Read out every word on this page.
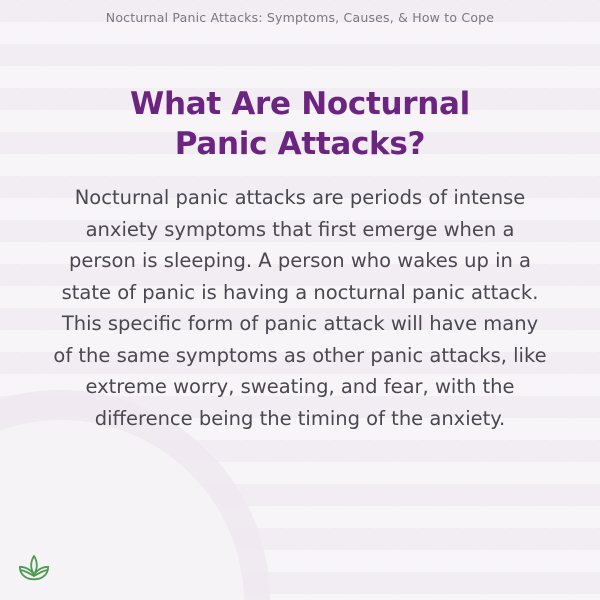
Nocturnal Panic Attacks: Symptoms, Causes, & How to Cope
What Are Nocturnal
Panic Attacks?
Nocturnal panic attacks are periods of intense anxiety symptoms that first emerge when a person is sleeping. A person who wakes up in a state of panic is having a nocturnal panic attack. This specific form of panic attack will have many of the same symptoms as other panic attacks, like extreme worry, sweating, and fear, with the difference being the timing of the anxiety.
